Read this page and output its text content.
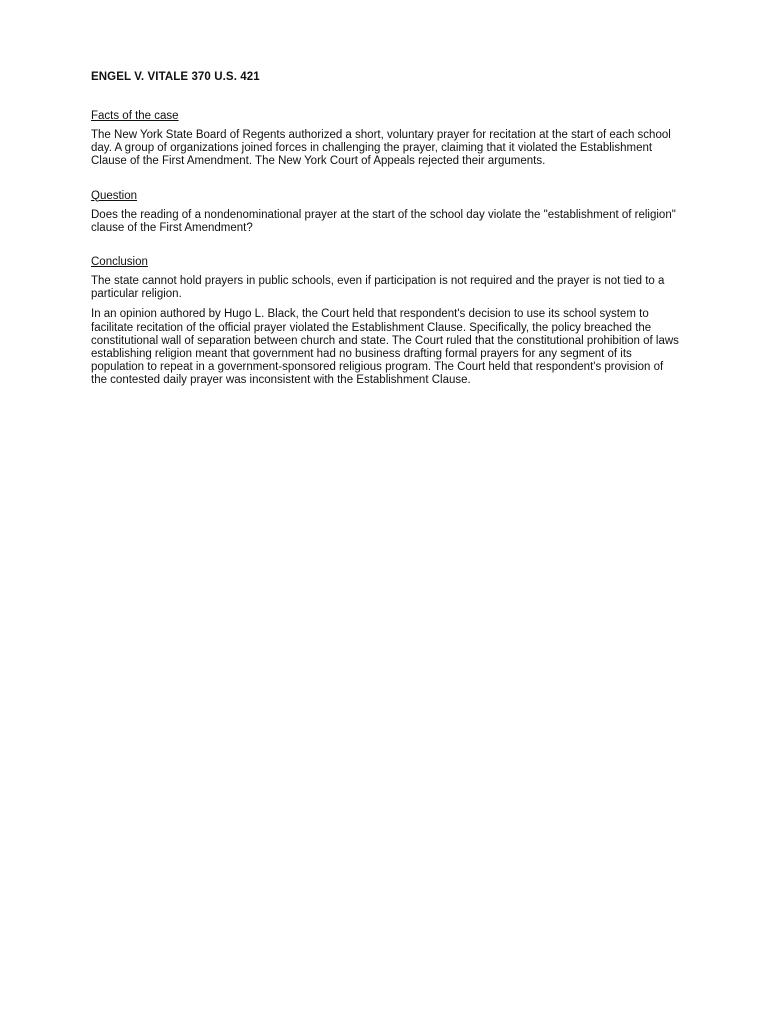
ENGEL V. VITALE 370 U.S. 421
Facts of the case

The New York State Board of Regents authorized a short, voluntary prayer for recitation at the start of each school day. A group of organizations joined forces in challenging the prayer, claiming that it violated the Establishment Clause of the First Amendment. The New York Court of Appeals rejected their arguments.

Question

Does the reading of a nondenominational prayer at the start of the school day violate the "establishment of religion" clause of the First Amendment?

Conclusion

The state cannot hold prayers in public schools, even if participation is not required and the prayer is not tied to a particular religion.

In an opinion authored by Hugo L. Black, the Court held that respondent's decision to use its school system to facilitate recitation of the official prayer violated the Establishment Clause. Specifically, the policy breached the constitutional wall of separation between church and state. The Court ruled that the constitutional prohibition of laws establishing religion meant that government had no business drafting formal prayers for any segment of its population to repeat in a government-sponsored religious program. The Court held that respondent's provision of the contested daily prayer was inconsistent with the Establishment Clause.
